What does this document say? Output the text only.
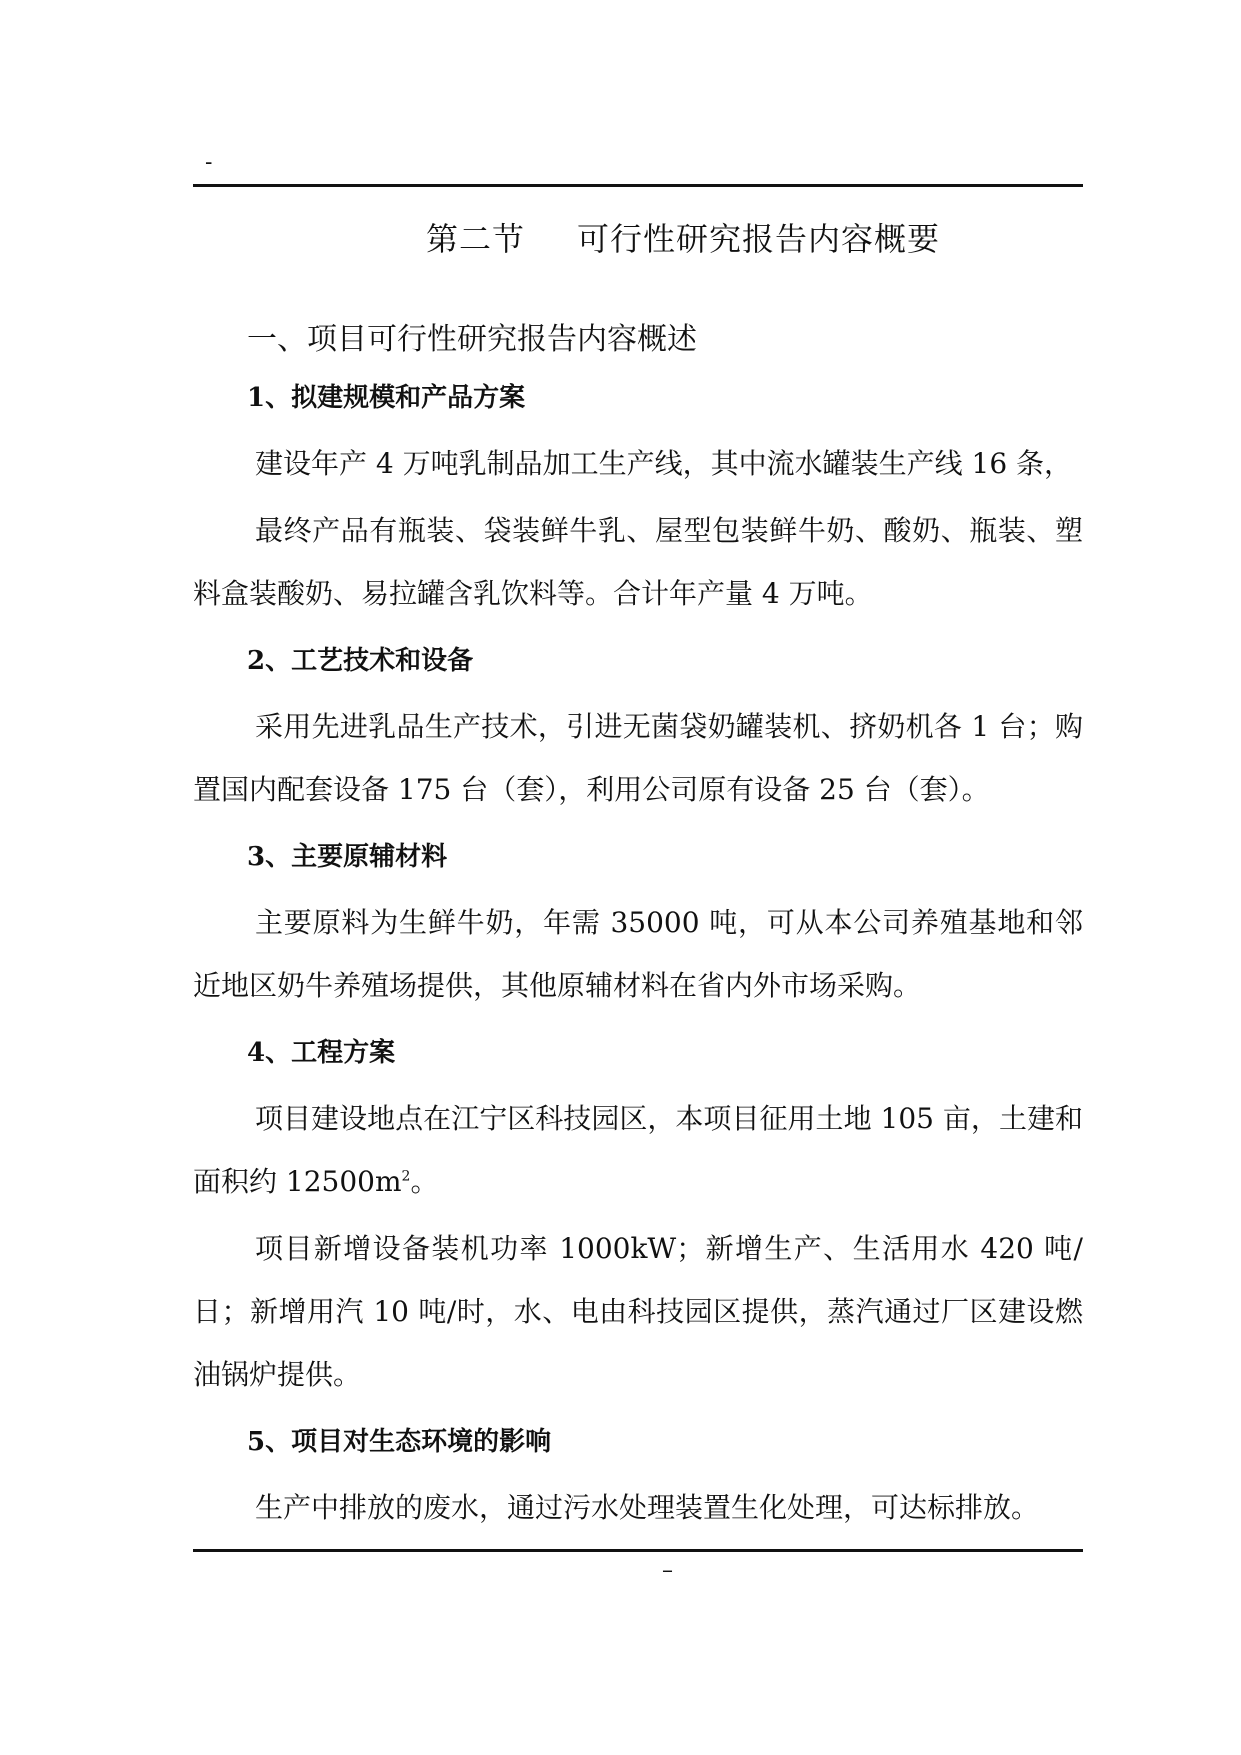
-
第二节 可行性研究报告内容概要
一、项目可行性研究报告内容概述
1、拟建规模和产品方案

建设年产 4 万吨乳制品加工生产线，其中流水罐装生产线 16 条，

最终产品有瓶装、袋装鲜牛乳、屋型包装鲜牛奶、酸奶、瓶装、塑料盒装酸奶、易拉罐含乳饮料等。合计年产量 4 万吨。

2、工艺技术和设备

采用先进乳品生产技术，引进无菌袋奶罐装机、挤奶机各 1 台；购置国内配套设备 175 台（套），利用公司原有设备 25 台（套）。

3、主要原辅材料

主要原料为生鲜牛奶，年需 35000 吨，可从本公司养殖基地和邻近地区奶牛养殖场提供，其他原辅材料在省内外市场采购。

4、工程方案

项目建设地点在江宁区科技园区，本项目征用土地 105 亩，土建和面积约 $12500m^2$。

项目新增设备装机功率 1000kW；新增生产、生活用水 420 吨/日；新增用汽 10 吨/时，水、电由科技园区提供，蒸汽通过厂区建设燃油锅炉提供。

5、项目对生态环境的影响

生产中排放的废水，通过污水处理装置生化处理，可达标排放。

–
